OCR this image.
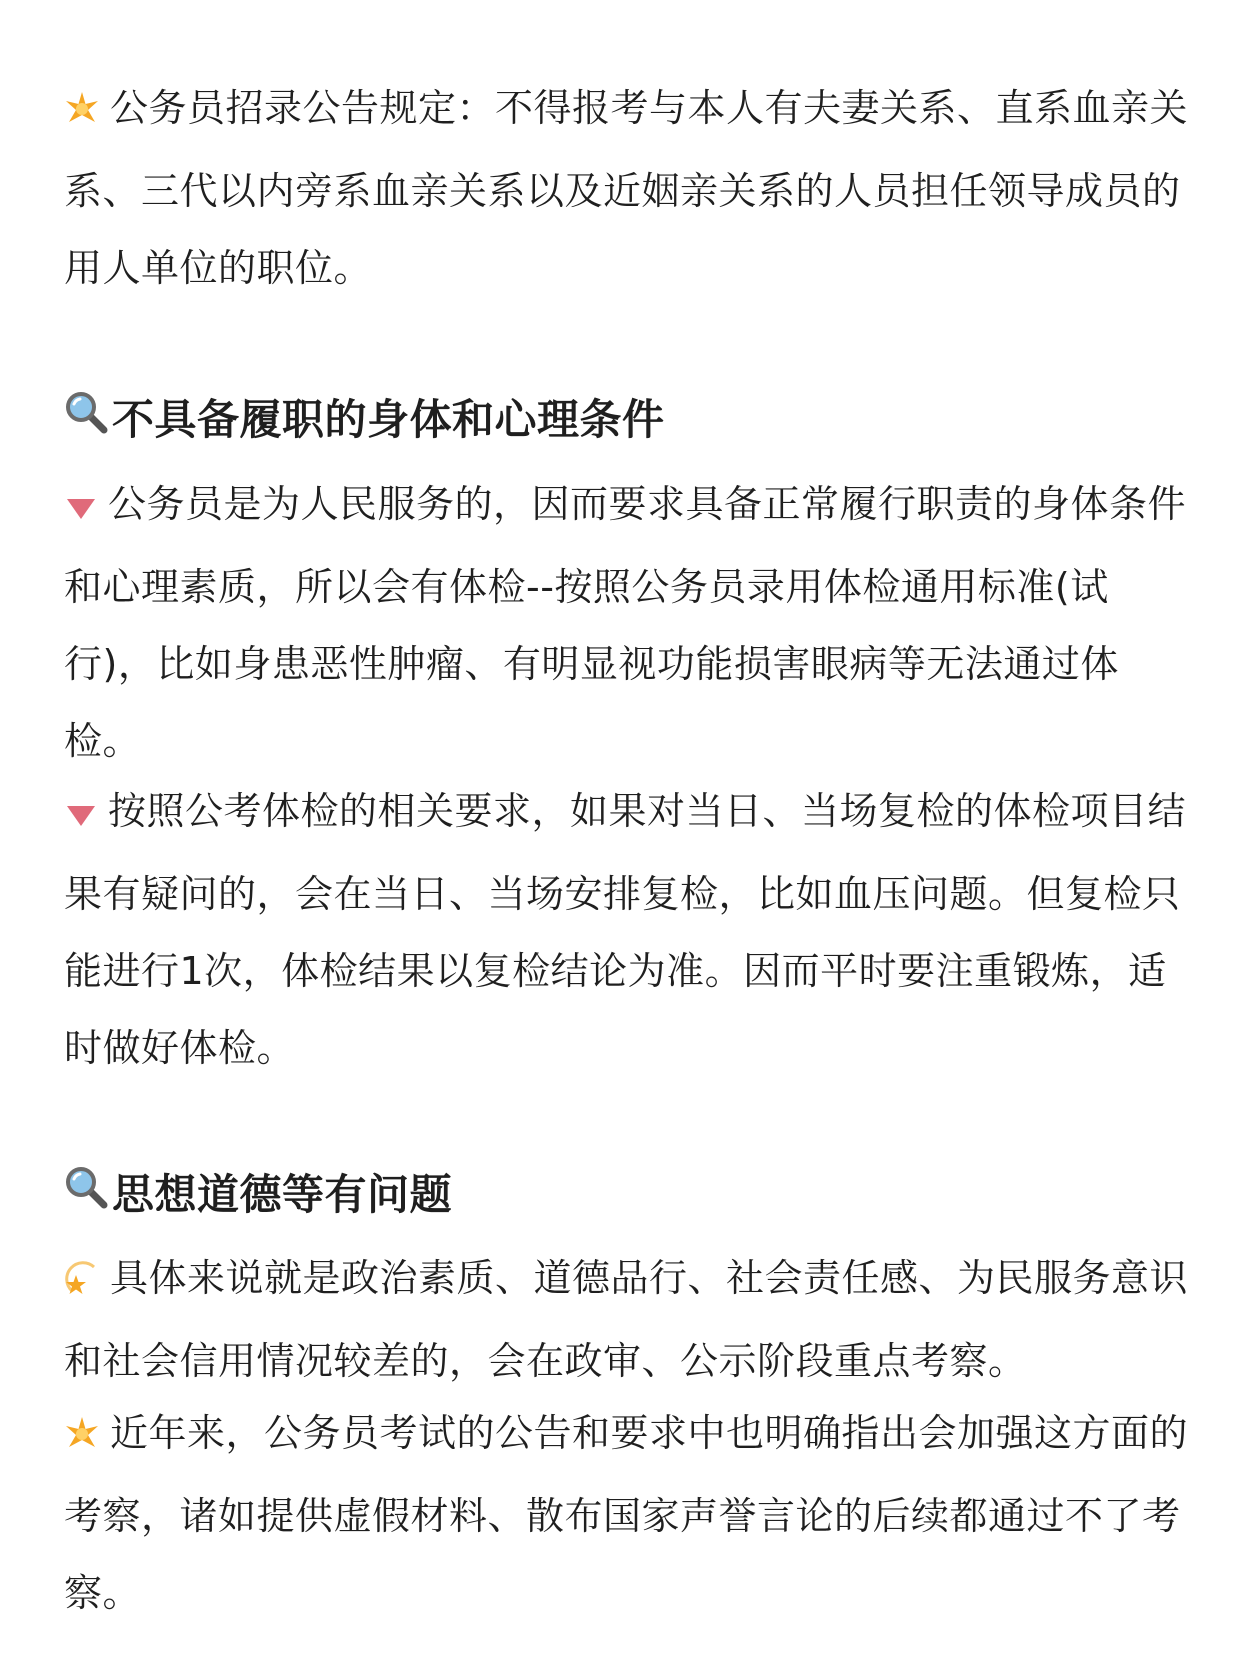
公务员招录公告规定：不得报考与本人有夫妻关系、直系血亲关系、三代以内旁系血亲关系以及近姻亲关系的人员担任领导成员的用人单位的职位。

不具备履职的身体和心理条件

公务员是为人民服务的，因而要求具备正常履行职责的身体条件和心理素质，所以会有体检--按照公务员录用体检通用标准(试行)，比如身患恶性肿瘤、有明显视功能损害眼病等无法通过体检。

按照公考体检的相关要求，如果对当日、当场复检的体检项目结果有疑问的，会在当日、当场安排复检，比如血压问题。但复检只能进行1次，体检结果以复检结论为准。因而平时要注重锻炼，适时做好体检。

思想道德等有问题

具体来说就是政治素质、道德品行、社会责任感、为民服务意识和社会信用情况较差的，会在政审、公示阶段重点考察。

近年来，公务员考试的公告和要求中也明确指出会加强这方面的考察，诸如提供虚假材料、散布国家声誉言论的后续都通过不了考察。
